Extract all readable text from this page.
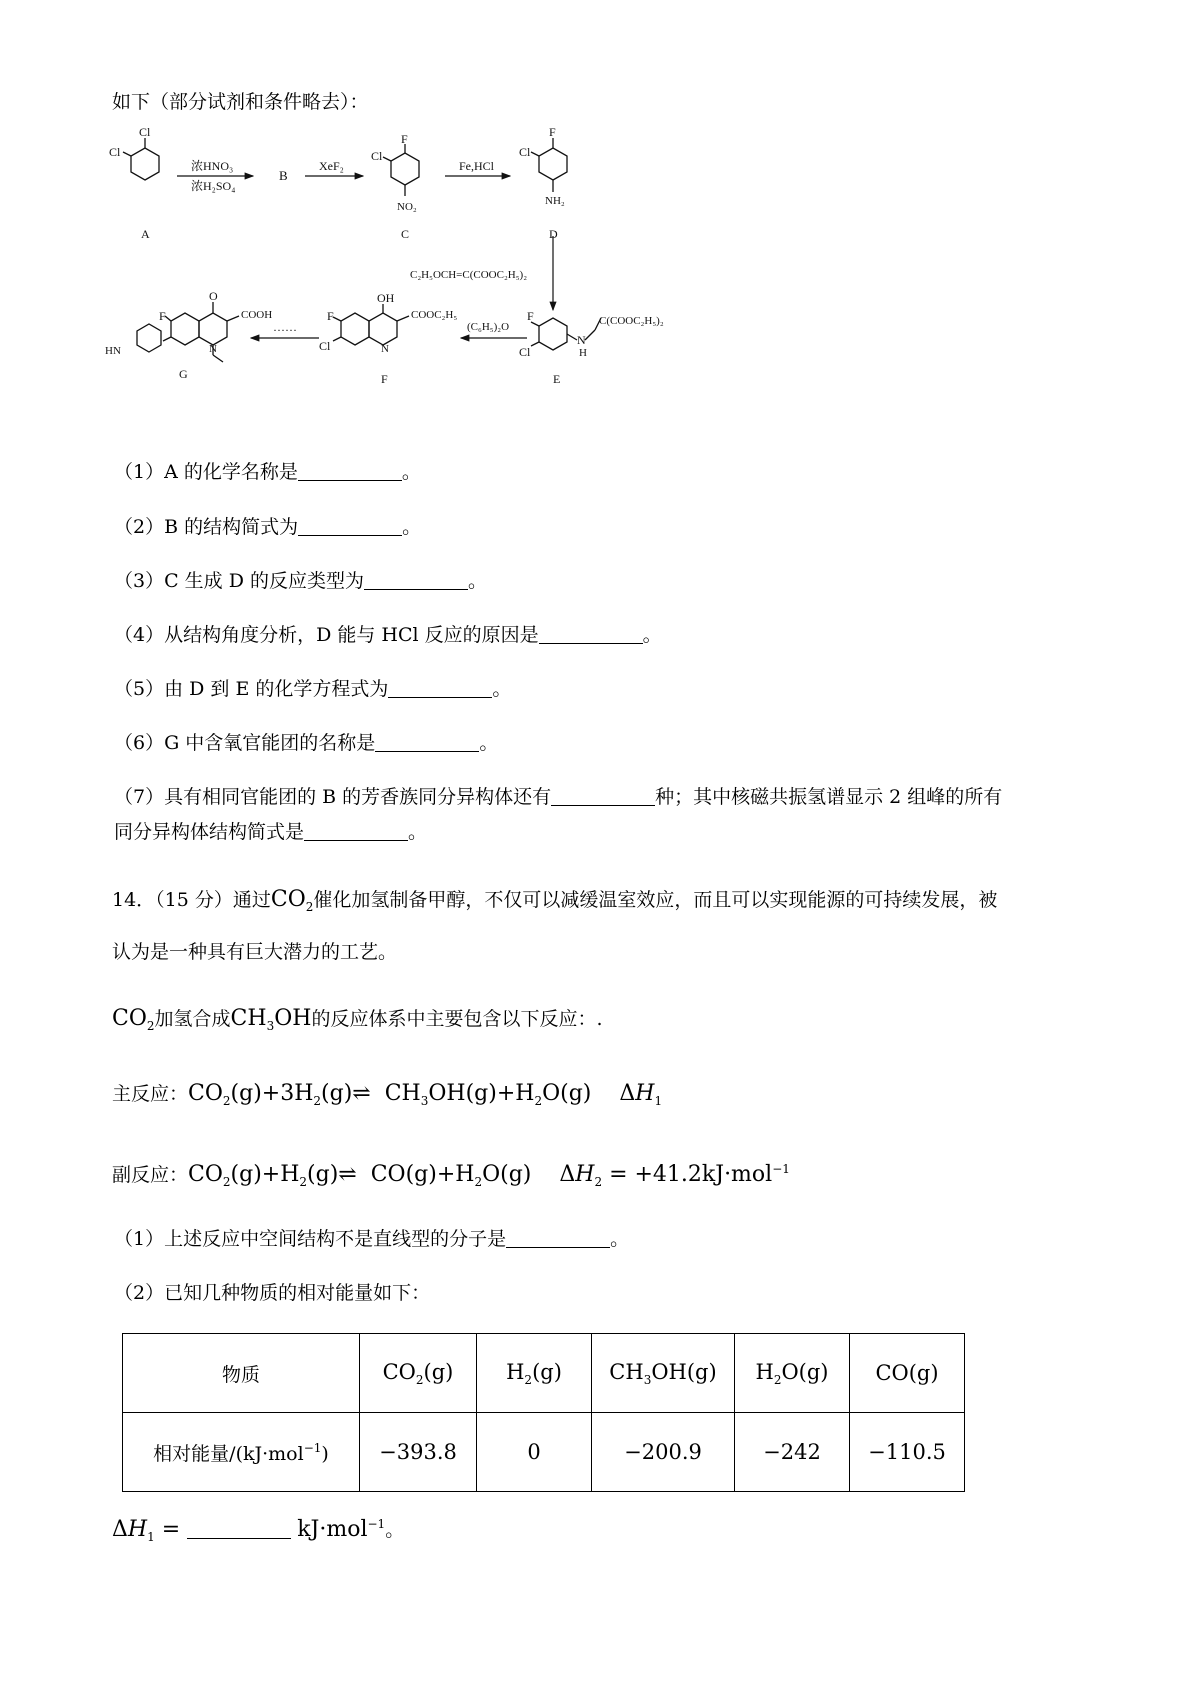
如下（部分试剂和条件略去）：
浓HNO₃
浓H₂SO₄
XeF₂	Fe,HCl
C₂H₅OCH=C(COOC₂H₅)₂
(C₆H₅)₂O
······
A
B
C	D
E
F
G
Cl
Cl
F
Cl
NO₂
F
Cl
NH₂
F
Cl
N
H
C(COOC₂H₅)₂
OH
COOC₂H₅
F
Cl	N
O
COOH
F
N
HN
（1）A 的化学名称是	。
（2）B 的结构简式为	。
（3）C 生成 D 的反应类型为	。
（4）从结构角度分析，D 能与 HCl 反应的原因是	。
（5）由 D 到 E 的化学方程式为	。
（6）G 中含氧官能团的名称是	。
（7）具有相同官能团的 B 的芳香族同分异构体还有	种；其中核磁共振氢谱显示 2 组峰的所有
同分异构体结构简式是	。
14．（15 分）通过$CO_2$催化加氢制备甲醇，不仅可以减缓温室效应，而且可以实现能源的可持续发展，被
认为是一种具有巨大潜力的工艺。
$CO_2$加氢合成$CH_3OH$的反应体系中主要包含以下反应：.
主反应：$CO_2(g)+3H_2(g)\rightleftharpoons$  $CH_3OH(g)+H_2O(g)$    $\Delta H_1$
副反应：$CO_2(g)+H_2(g)\rightleftharpoons$  $CO(g)+H_2O(g)$    $\Delta H_2 = +41.2kJ\cdot mol^{-1}$
（1）上述反应中空间结构不是直线型的分子是	。
（2）已知几种物质的相对能量如下：
物质	$CO_2(g)$	$H_2(g)$	$CH_3OH(g)$	$H_2O(g)$	CO(g)
相对能量/(kJ·mol$^{-1}$)	−393.8	0	−200.9	−242	−110.5
$\Delta H_1$ =	kJ·mol$^{-1}$。
